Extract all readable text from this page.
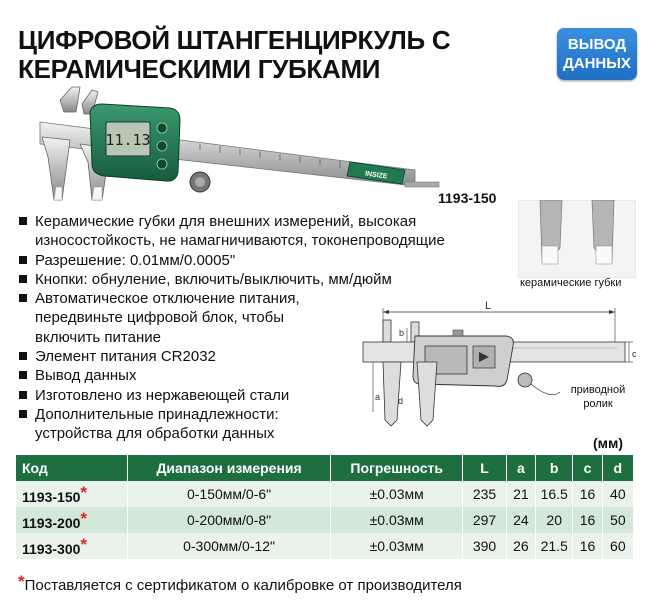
ЦИФРОВОЙ ШТАНГЕНЦИРКУЛЬ С
КЕРАМИЧЕСКИМИ ГУБКАМИ
ВЫВОД
ДАННЫХ
11.13
INSIZE
1193-150
Керамические губки для внешних измерений, высокая
износостойкость, не намагничиваются, токонепроводящие
Разрешение: 0.01мм/0.0005"
Кнопки: обнуление, включить/выключить, мм/дюйм
Автоматическое отключение питания,
передвиньте цифровой блок, чтобы
включить питание
Элемент питания CR2032
Вывод данных
Изготовлено из нержавеющей стали
Дополнительные принадлежности:
устройства для обработки данных
керамические губки
L
a
b
d
c
приводной
ролик
(мм)
Код	Диапазон измерения	Погрешность	L	a	b	c	d
1193-150*	0-150мм/0-6"	±0.03мм	235	21	16.5	16	40
1193-200*	0-200мм/0-8"	±0.03мм	297	24	20	16	50
1193-300*	0-300мм/0-12"	±0.03мм	390	26	21.5	16	60
*Поставляется с сертификатом о калибровке от производителя
